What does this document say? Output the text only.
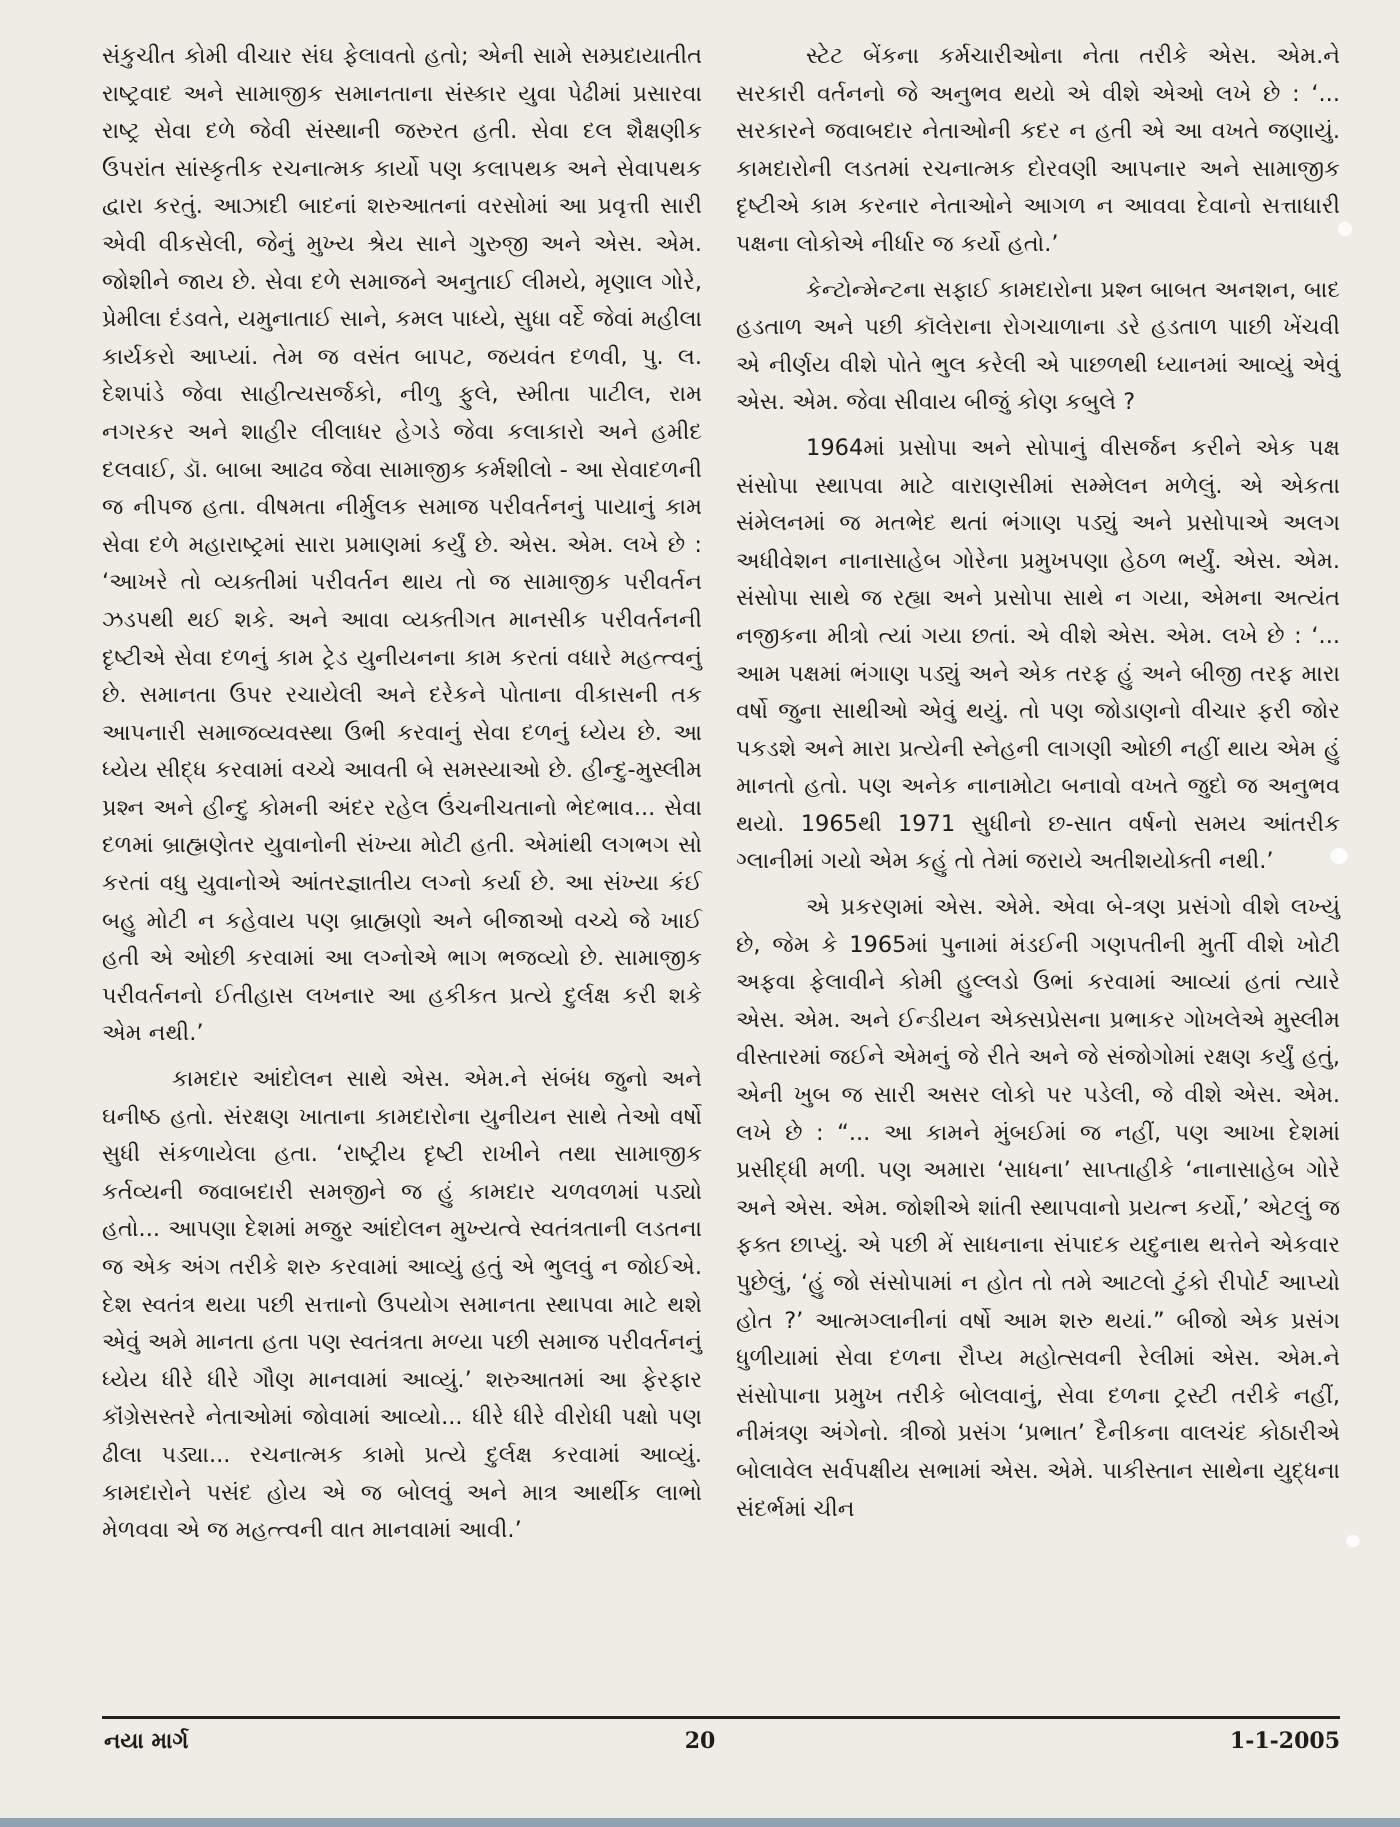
સંકુચીત કોમી વીચાર સંઘ ફેલાવતો હતો; એની સામે સમ્પ્રદાયાતીત રાષ્ટ્રવાદ અને સામાજીક સમાનતાના સંસ્કાર યુવા પેઢીમાં પ્રસારવા રાષ્ટ્ર સેવા દળે જેવી સંસ્થાની જરુરત હતી. સેવા દલ શૈક્ષણીક ઉપરાંત સાંસ્કૃતીક રચનાત્મક કાર્યો પણ કલાપથક અને સેવાપથક દ્વારા કરતું. આઝાદી બાદનાં શરુઆતનાં વરસોમાં આ પ્રવૃત્તી સારી એવી વીકસેલી, જેનું મુખ્ય શ્રેય સાને ગુરુજી અને એસ. એમ. જોશીને જાય છે. સેવા દળે સમાજને અનુતાઈ લીમયે, મૃણાલ ગોરે, પ્રેમીલા દંડવતે, યમુનાતાઈ સાને, કમલ પાધ્યે, સુધા વર્દે જેવાં મહીલા કાર્યકરો આપ્યાં. તેમ જ વસંત બાપટ, જયવંત દળવી, પુ. લ. દેશપાંડે જેવા સાહીત્યસર્જકો, નીળુ ફુલે, સ્મીતા પાટીલ, રામ નગરકર અને શાહીર લીલાધર હેગડે જેવા કલાકારો અને હમીદ દલવાઈ, ડૉ. બાબા આઢવ જેવા સામાજીક કર્મશીલો - આ સેવાદળની જ નીપજ હતા. વીષમતા નીર્મુલક સમાજ પરીવર્તનનું પાયાનું કામ સેવા દળે મહારાષ્ટ્રમાં સારા પ્રમાણમાં કર્યું છે. એસ. એમ. લખે છે : ‘આખરે તો વ્યક્તીમાં પરીવર્તન થાય તો જ સામાજીક પરીવર્તન ઝડપથી થઈ શકે. અને આવા વ્યક્તીગત માનસીક પરીવર્તનની દૃષ્ટીએ સેવા દળનું કામ ટ્રેડ યુનીયનના કામ કરતાં વધારે મહત્ત્વનું છે. સમાનતા ઉપર રચાયેલી અને દરેકને પોતાના વીકાસની તક આપનારી સમાજવ્યવસ્થા ઉભી કરવાનું સેવા દળનું ધ્યેય છે. આ ધ્યેય સીદ્ધ કરવામાં વચ્ચે આવતી બે સમસ્યાઓ છે. હીન્દુ-મુસ્લીમ પ્રશ્ન અને હીન્દુ કોમની અંદર રહેલ ઉંચનીચતાનો ભેદભાવ... સેવા દળમાં બ્રાહ્મણેતર યુવાનોની સંખ્યા મોટી હતી. એમાંથી લગભગ સો કરતાં વધુ યુવાનોએ આંતરજ્ઞાતીય લગ્નો કર્યા છે. આ સંખ્યા કંઈ બહુ મોટી ન કહેવાય પણ બ્રાહ્મણો અને બીજાઓ વચ્ચે જે ખાઈ હતી એ ઓછી કરવામાં આ લગ્નોએ ભાગ ભજવ્યો છે. સામાજીક પરીવર્તનનો ઈતીહાસ લખનાર આ હકીકત પ્રત્યે દુર્લક્ષ કરી શકે એમ નથી.’

કામદાર આંદોલન સાથે એસ. એમ.ને સંબંધ જુનો અને ઘનીષ્ઠ હતો. સંરક્ષણ ખાતાના કામદારોના યુનીયન સાથે તેઓ વર્ષો સુધી સંકળાયેલા હતા. ‘રાષ્ટ્રીય દૃષ્ટી રાખીને તથા સામાજીક કર્તવ્યની જવાબદારી સમજીને જ હું કામદાર ચળવળમાં પડ્યો હતો... આપણા દેશમાં મજુર આંદોલન મુખ્યત્વે સ્વતંત્રતાની લડતના જ એક અંગ તરીકે શરુ કરવામાં આવ્યું હતું એ ભુલવું ન જોઈએ. દેશ સ્વતંત્ર થયા પછી સત્તાનો ઉપયોગ સમાનતા સ્થાપવા માટે થશે એવું અમે માનતા હતા પણ સ્વતંત્રતા મળ્યા પછી સમાજ પરીવર્તનનું ધ્યેય ધીરે ધીરે ગૌણ માનવામાં આવ્યું.’ શરુઆતમાં આ ફેરફાર કૉંગ્રેસસ્તરે નેતાઓમાં જોવામાં આવ્યો... ધીરે ધીરે વીરોધી પક્ષો પણ ઢીલા પડ્યા... રચનાત્મક કામો પ્રત્યે દુર્લક્ષ કરવામાં આવ્યું. કામદારોને પસંદ હોય એ જ બોલવું અને માત્ર આર્થીક લાભો મેળવવા એ જ મહત્ત્વની વાત માનવામાં આવી.’

સ્ટેટ બેંકના કર્મચારીઓના નેતા તરીકે એસ. એમ.ને સરકારી વર્તનનો જે અનુભવ થયો એ વીશે એઓ લખે છે : ‘... સરકારને જવાબદાર નેતાઓની કદર ન હતી એ આ વખતે જણાયું. કામદારોની લડતમાં રચનાત્મક દોરવણી આપનાર અને સામાજીક દૃષ્ટીએ કામ કરનાર નેતાઓને આગળ ન આવવા દેવાનો સત્તાધારી પક્ષના લોકોએ નીર્ધાર જ કર્યો હતો.’

કેન્ટોન્મેન્ટના સફાઈ કામદારોના પ્રશ્ન બાબત અનશન, બાદ હડતાળ અને પછી કૉલેરાના રોગચાળાના ડરે હડતાળ પાછી ખેંચવી એ નીર્ણય વીશે પોતે ભુલ કરેલી એ પાછળથી ધ્યાનમાં આવ્યું એવું એસ. એમ. જેવા સીવાય બીજું કોણ કબુલે ?

1964માં પ્રસોપા અને સોપાનું વીસર્જન કરીને એક પક્ષ સંસોપા સ્થાપવા માટે વારાણસીમાં સમ્મેલન મળેલું. એ એકતા સંમેલનમાં જ મતભેદ થતાં ભંગાણ પડ્યું અને પ્રસોપાએ અલગ અધીવેશન નાનાસાહેબ ગોરેના પ્રમુખપણા હેઠળ ભર્યું. એસ. એમ. સંસોપા સાથે જ રહ્યા અને પ્રસોપા સાથે ન ગયા, એમના અત્યંત નજીકના મીત્રો ત્યાં ગયા છતાં. એ વીશે એસ. એમ. લખે છે : ‘... આમ પક્ષમાં ભંગાણ પડ્યું અને એક તરફ હું અને બીજી તરફ મારા વર્ષો જુના સાથીઓ એવું થયું. તો પણ જોડાણનો વીચાર ફરી જોર પકડશે અને મારા પ્રત્યેની સ્નેહની લાગણી ઓછી નહીં થાય એમ હું માનતો હતો. પણ અનેક નાનામોટા બનાવો વખતે જુદો જ અનુભવ થયો. 1965થી 1971 સુધીનો છ-સાત વર્ષનો સમય આંતરીક ગ્લાનીમાં ગયો એમ કહું તો તેમાં જરાયે અતીશયોક્તી નથી.’

એ પ્રકરણમાં એસ. એમે. એવા બે-ત્રણ પ્રસંગો વીશે લખ્યું છે, જેમ કે 1965માં પુનામાં મંડઈની ગણપતીની મુર્તી વીશે ખોટી અફવા ફેલાવીને કોમી હુલ્લડો ઉભાં કરવામાં આવ્યાં હતાં ત્યારે એસ. એમ. અને ઈન્ડીયન એક્સપ્રેસના પ્રભાકર ગોખલેએ મુસ્લીમ વીસ્તારમાં જઈને એમનું જે રીતે અને જે સંજોગોમાં રક્ષણ કર્યું હતું, એની ખુબ જ સારી અસર લોકો પર પડેલી, જે વીશે એસ. એમ. લખે છે : “... આ કામને મુંબઈમાં જ નહીં, પણ આખા દેશમાં પ્રસીદ્ધી મળી. પણ અમારા ‘સાધના’ સાપ્તાહીકે ‘નાનાસાહેબ ગોરે અને એસ. એમ. જોશીએ શાંતી સ્થાપવાનો પ્રયત્ન કર્યો,’ એટલું જ ફક્ત છાપ્યું. એ પછી મેં સાધનાના સંપાદક યદુનાથ થત્તેને એકવાર પુછેલું, ‘હું જો સંસોપામાં ન હોત તો તમે આટલો ટુંકો રીપોર્ટ આપ્યો હોત ?’ આત્મગ્લાનીનાં વર્ષો આમ શરુ થયાં.” બીજો એક પ્રસંગ ધુળીયામાં સેવા દળના રૌપ્ય મહોત્સવની રેલીમાં એસ. એમ.ને સંસોપાના પ્રમુખ તરીકે બોલવાનું, સેવા દળના ટ્રસ્ટી તરીકે નહીં, નીમંત્રણ અંગેનો. ત્રીજો પ્રસંગ ‘પ્રભાત’ દૈનીકના વાલચંદ કોઠારીએ બોલાવેલ સર્વપક્ષીય સભામાં એસ. એમે. પાકીસ્તાન સાથેના યુદ્ધના સંદર્ભમાં ચીન

નયા માર્ગ	20	1-1-2005
